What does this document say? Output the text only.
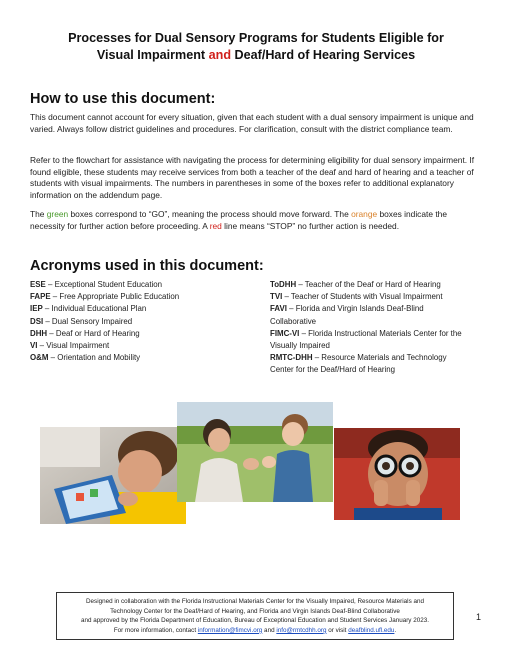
Processes for Dual Sensory Programs for Students Eligible for
Visual Impairment and Deaf/Hard of Hearing Services
How to use this document:

This document cannot account for every situation, given that each student with a dual sensory impairment is unique and varied. Always follow district guidelines and procedures. For clarification, consult with the district compliance team.

Refer to the flowchart for assistance with navigating the process for determining eligibility for dual sensory impairment. If found eligible, these students may receive services from both a teacher of the deaf and hard of hearing and a teacher of students with visual impairments. The numbers in parentheses in some of the boxes refer to additional explanatory information on the addendum page.

The green boxes correspond to “GO”, meaning the process should move forward. The orange boxes indicate the necessity for further action before proceeding. A red line means “STOP” no further action is needed.

Acronyms used in this document:
ESE – Exceptional Student Education
FAPE – Free Appropriate Public Education
IEP – Individual Educational Plan
DSI – Dual Sensory Impaired
DHH – Deaf or Hard of Hearing
VI – Visual Impairment
O&M – Orientation and Mobility
ToDHH – Teacher of the Deaf or Hard of Hearing
TVI – Teacher of Students with Visual Impairment
FAVI – Florida and Virgin Islands Deaf-Blind
Collaborative
FIMC-VI – Florida Instructional Materials Center for the
Visually Impaired
RMTC-DHH – Resource Materials and Technology
Center for the Deaf/Hard of Hearing
Designed in collaboration with the Florida Instructional Materials Center for the Visually Impaired, Resource Materials and
Technology Center for the Deaf/Hard of Hearing, and Florida and Virgin Islands Deaf-Blind Collaborative
and approved by the Florida Department of Education, Bureau of Exceptional Education and Student Services January 2023.
For more information, contact information@fimcvi.org and info@rmtcdhh.org or visit deafblind.ufl.edu.
1
